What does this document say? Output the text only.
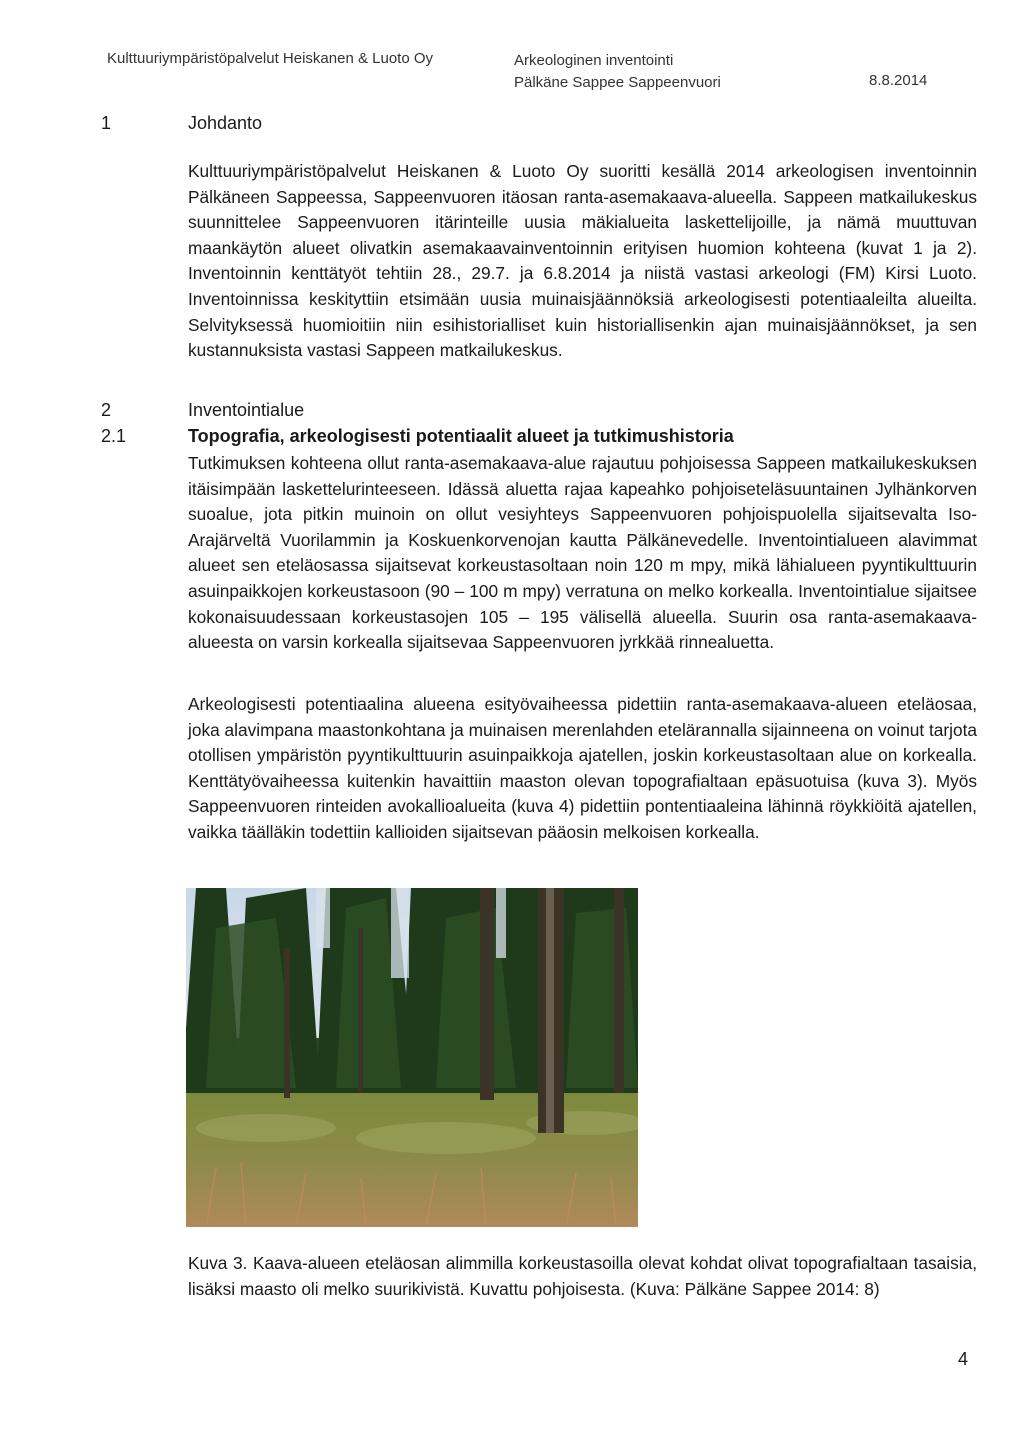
Kulttuuriympäristöpalvelut Heiskanen & Luoto Oy	Arkeologinen inventointi
Pälkäne Sappee Sappeenvuori	8.8.2014
1	Johdanto

Kulttuuriympäristöpalvelut Heiskanen & Luoto Oy suoritti kesällä 2014 arkeologisen inventoinnin Pälkäneen Sappeessa, Sappeenvuoren itäosan ranta-asemakaava-alueella. Sappeen matkailukeskus suunnittelee Sappeenvuoren itärinteille uusia mäkialueita laskettelijoille, ja nämä muuttuvan maankäytön alueet olivatkin asemakaavainventoinnin erityisen huomion kohteena (kuvat 1 ja 2). Inventoinnin kenttätyöt tehtiin 28., 29.7. ja 6.8.2014 ja niistä vastasi arkeologi (FM) Kirsi Luoto. Inventoinnissa keskityttiin etsimään uusia muinaisjäännöksiä arkeologisesti potentiaaleilta alueilta. Selvityksessä huomioitiin niin esihistorialliset kuin historiallisenkin ajan muinaisjäännökset, ja sen kustannuksista vastasi Sappeen matkailukeskus.

2	Inventointialue
2.1	Topografia, arkeologisesti potentiaalit alueet ja tutkimushistoria

Tutkimuksen kohteena ollut ranta-asemakaava-alue rajautuu pohjoisessa Sappeen matkailukeskuksen itäisimpään laskettelurinteeseen. Idässä aluetta rajaa kapeahko pohjoiseteläsuuntainen Jylhänkorven suoalue, jota pitkin muinoin on ollut vesiyhteys Sappeenvuoren pohjoispuolella sijaitsevalta Iso-Arajärveltä Vuorilammin ja Koskuenkorvenojan kautta Pälkänevedelle. Inventointialueen alavimmat alueet sen eteläosassa sijaitsevat korkeustasoltaan noin 120 m mpy, mikä lähialueen pyyntikulttuurin asuinpaikkojen korkeustasoon (90 – 100 m mpy) verratuna on melko korkealla. Inventointialue sijaitsee kokonaisuudessaan korkeustasojen 105 – 195 välisellä alueella. Suurin osa ranta-asemakaava-alueesta on varsin korkealla sijaitsevaa Sappeenvuoren jyrkkää rinnealuetta.

Arkeologisesti potentiaalina alueena esityövaiheessa pidettiin ranta-asemakaava-alueen eteläosaa, joka alavimpana maastonkohtana ja muinaisen merenlahden etelärannalla sijainneena on voinut tarjota otollisen ympäristön pyyntikulttuurin asuinpaikkoja ajatellen, joskin korkeustasoltaan alue on korkealla. Kenttätyövaiheessa kuitenkin havaittiin maaston olevan topografialtaan epäsuotuisa (kuva 3). Myös Sappeenvuoren rinteiden avokallioalueita (kuva 4) pidettiin pontentiaaleina lähinnä röykkiöitä ajatellen, vaikka täälläkin todettiin kallioiden sijaitsevan pääosin melkoisen korkealla.

Kuva 3. Kaava-alueen eteläosan alimmilla korkeustasoilla olevat kohdat olivat topografialtaan tasaisia, lisäksi maasto oli melko suurikivistä. Kuvattu pohjoisesta. (Kuva: Pälkäne Sappee 2014: 8)

4
